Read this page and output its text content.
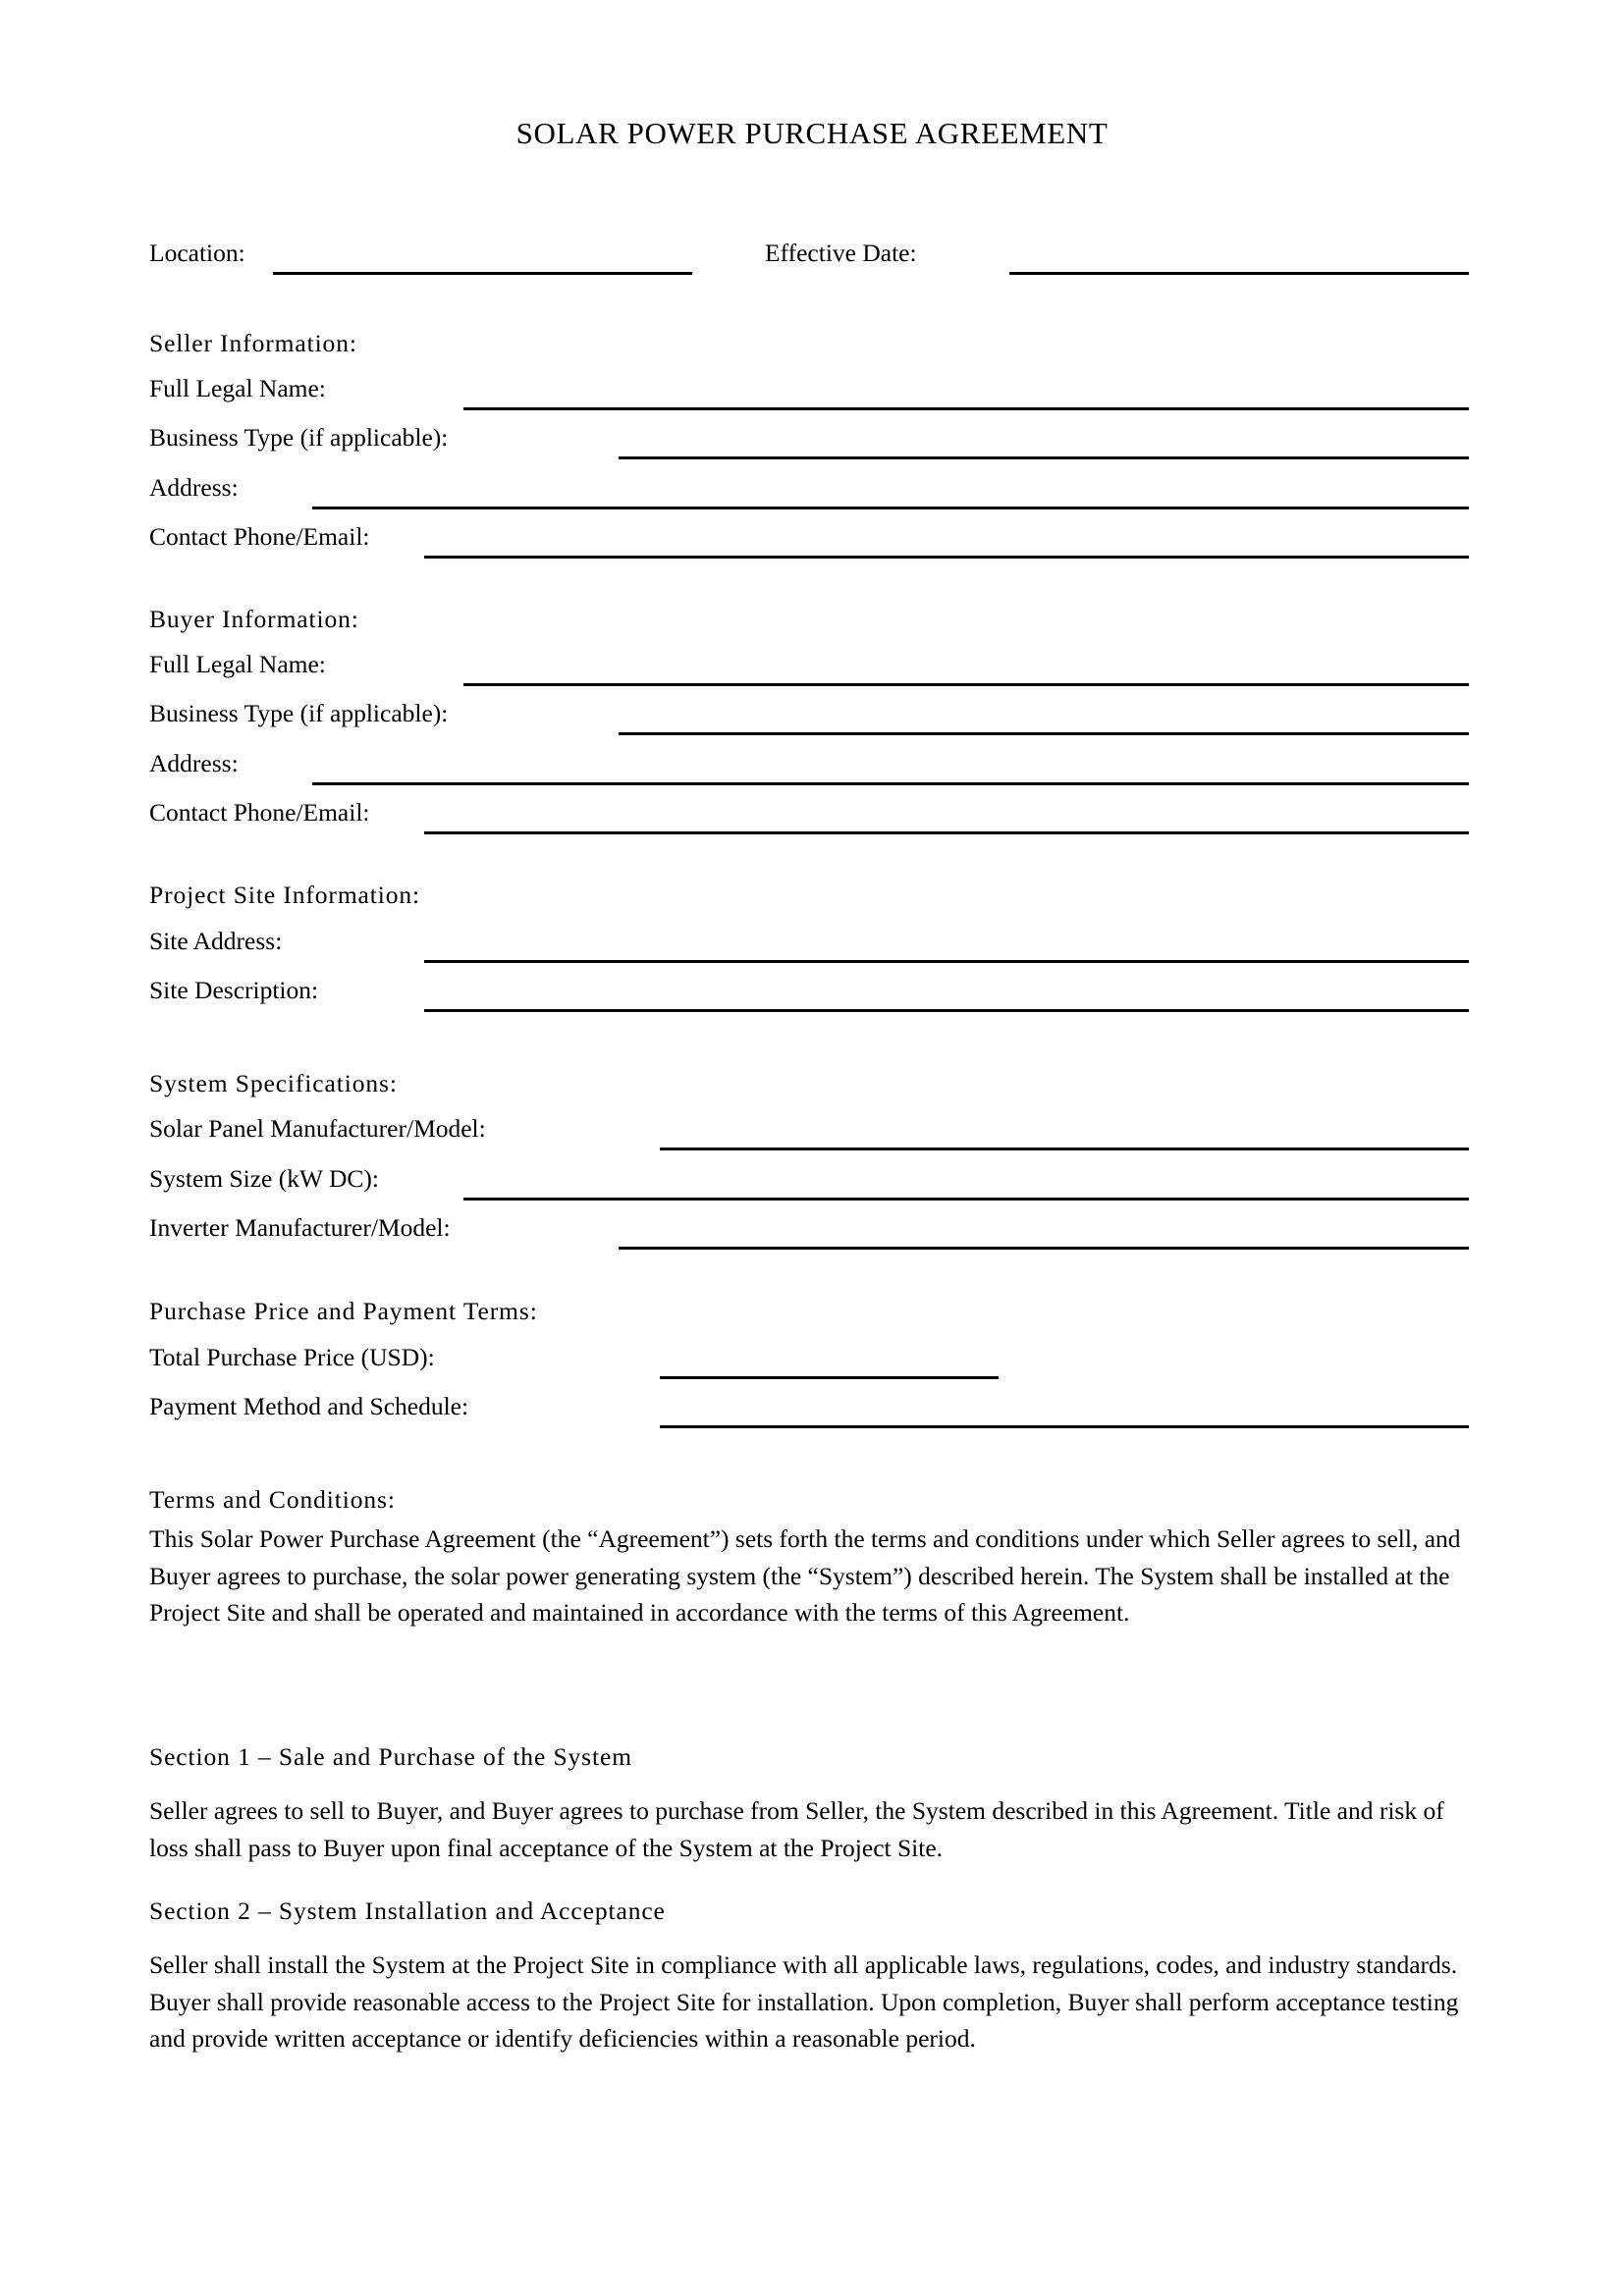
SOLAR POWER PURCHASE AGREEMENT
Location:	Effective Date:
Seller Information:
Full Legal Name:
Business Type (if applicable):
Address:
Contact Phone/Email:
Buyer Information:
Full Legal Name:
Business Type (if applicable):
Address:
Contact Phone/Email:
Project Site Information:
Site Address:
Site Description:
System Specifications:
Solar Panel Manufacturer/Model:
System Size (kW DC):
Inverter Manufacturer/Model:
Purchase Price and Payment Terms:
Total Purchase Price (USD):
Payment Method and Schedule:
Terms and Conditions:
This Solar Power Purchase Agreement (the “Agreement”) sets forth the terms and conditions under which Seller agrees to sell, and Buyer agrees to purchase, the solar power generating system (the “System”) described herein. The System shall be installed at the Project Site and shall be operated and maintained in accordance with the terms of this Agreement.
Section 1 – Sale and Purchase of the System
Seller agrees to sell to Buyer, and Buyer agrees to purchase from Seller, the System described in this Agreement. Title and risk of loss shall pass to Buyer upon final acceptance of the System at the Project Site.
Section 2 – System Installation and Acceptance
Seller shall install the System at the Project Site in compliance with all applicable laws, regulations, codes, and industry standards. Buyer shall provide reasonable access to the Project Site for installation. Upon completion, Buyer shall perform acceptance testing and provide written acceptance or identify deficiencies within a reasonable period.
